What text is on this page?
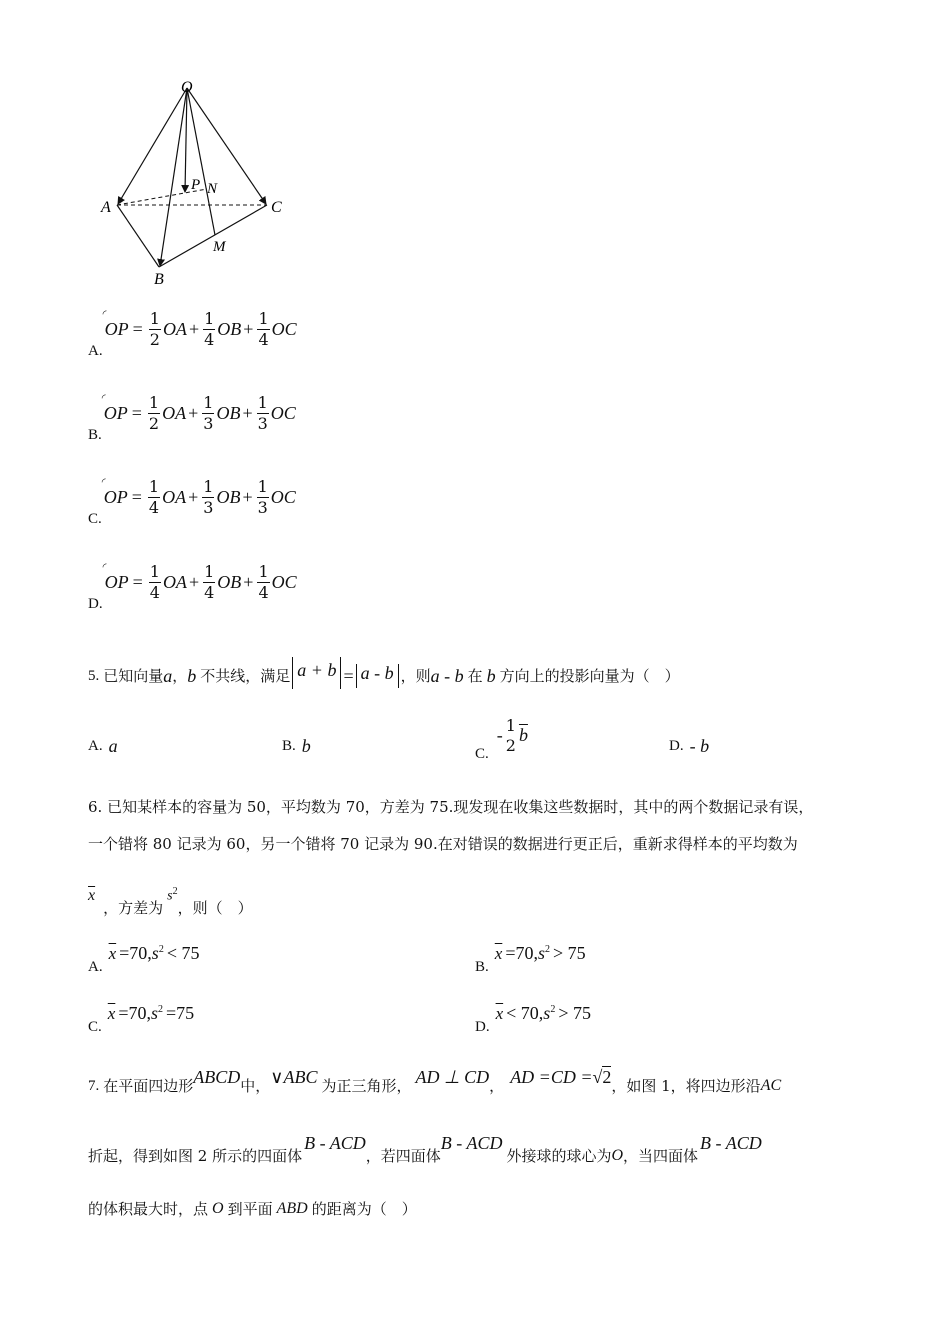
O
A	C
B
P N
M
A.
◜
OP = $\frac{1}{2}$ OA + $\frac{1}{4}$ OB + $\frac{1}{4}$ OC
B.
◜
OP = $\frac{1}{2}$ OA + $\frac{1}{3}$ OB + $\frac{1}{3}$ OC
C.
◜
OP = $\frac{1}{4}$ OA + $\frac{1}{3}$ OB + $\frac{1}{3}$ OC
D.
◜
OP = $\frac{1}{4}$ OA + $\frac{1}{4}$ OB + $\frac{1}{4}$ OC
5. 已知向量 a ， b 不共线，满足 a + b = a - b ，则 a - b 在 b 方向上的投影向量为（　）
A. a	B. b	C.
- 1
2 $\overline{b}$
D. - b
6. 已知某样本的容量为 50，平均数为 70，方差为 75.现发现在收集这些数据时，其中的两个数据记录有误，
一个错将 80 记录为 60，另一个错将 70 记录为 90.在对错误的数据进行更正后，重新求得样本的平均数为
$\overline{x}$
，方差为
$s^2$
，则（　）
A.
$\overline{x} =70$, $s^2 < 75$
B.
$\overline{x} =70$, $s^2 > 75$
C.
$\overline{x} =70$, $s^2 =75$
D.
$\overline{x} < 70$, $s^2 > 75$
7. 在平面四边形 ABCD 中， ∨ ABC 为正三角形， AD ⊥ CD ， AD =CD = √2 ，如图 1，将四边形沿 AC
折起，得到如图 2 所示的四面体
B - ACD
，若四面体
B - ACD
外接球的球心为 O ，当四面体
B - ACD
的体积最大时，点 O 到平面 ABD 的距离为（　）
